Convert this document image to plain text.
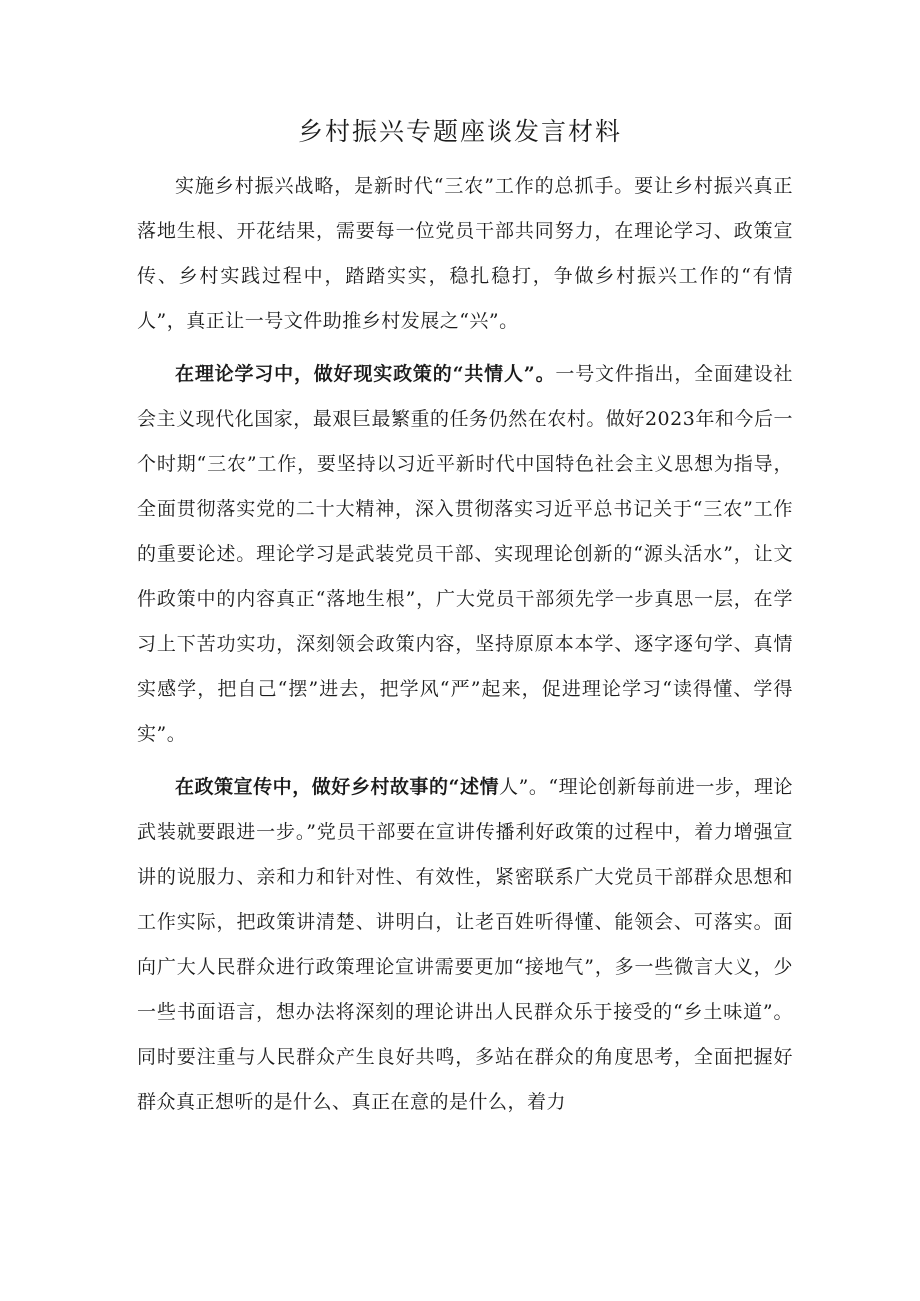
乡村振兴专题座谈发言材料

实施乡村振兴战略，是新时代“三农”工作的总抓手。要让乡村振兴真正落地生根、开花结果，需要每一位党员干部共同努力，在理论学习、政策宣传、乡村实践过程中，踏踏实实，稳扎稳打，争做乡村振兴工作的“有情人”，真正让一号文件助推乡村发展之“兴”。

在理论学习中，做好现实政策的“共情人”。一号文件指出，全面建设社会主义现代化国家，最艰巨最繁重的任务仍然在农村。做好2023年和今后一个时期“三农”工作，要坚持以习近平新时代中国特色社会主义思想为指导，全面贯彻落实党的二十大精神，深入贯彻落实习近平总书记关于“三农”工作的重要论述。理论学习是武装党员干部、实现理论创新的“源头活水”，让文件政策中的内容真正“落地生根”，广大党员干部须先学一步真思一层，在学习上下苦功实功，深刻领会政策内容，坚持原原本本学、逐字逐句学、真情实感学，把自己“摆”进去，把学风“严”起来，促进理论学习“读得懂、学得实”。

在政策宣传中，做好乡村故事的“述情人”。“理论创新每前进一步，理论武装就要跟进一步。”党员干部要在宣讲传播利好政策的过程中，着力增强宣讲的说服力、亲和力和针对性、有效性，紧密联系广大党员干部群众思想和工作实际，把政策讲清楚、讲明白，让老百姓听得懂、能领会、可落实。面向广大人民群众进行政策理论宣讲需要更加“接地气”，多一些微言大义，少一些书面语言，想办法将深刻的理论讲出人民群众乐于接受的“乡土味道”。同时要注重与人民群众产生良好共鸣，多站在群众的角度思考，全面把握好群众真正想听的是什么、真正在意的是什么，着力
